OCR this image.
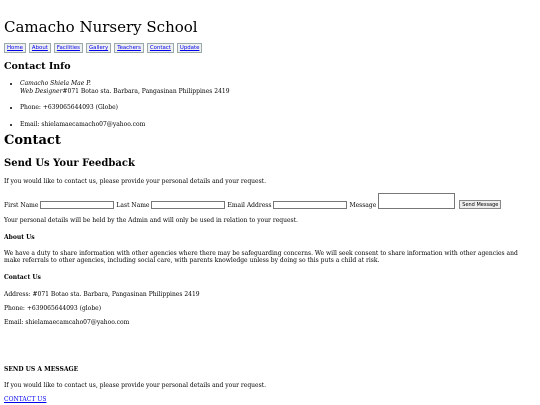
Camacho Nursery School
Home	About	Facilities	Gallery	Teachers	Contact	Update
Contact Info
• Camacho Shiela Mae P.
Web Designer#071 Botao sta. Barbara, Pangasinan Philippines 2419
• Phone: +639065644093 (Globe)
• Email: shielamaecamacho07@yahoo.com
Contact
Send Us Your Feedback

If you would like to contact us, please provide your personal details and your request.

First Name	Last Name	Email Address	Message	Send Message

Your personal details will be held by the Admin and will only be used in relation to your request.

About Us

We have a duty to share information with other agencies where there may be safeguarding concerns. We will seek consent to share information with other agencies and make referrals to other agencies, including social care, with parents knowledge unless by doing so this puts a child at risk.

Contact Us

Address: #071 Botao sta. Barbara, Pangasinan Philippines 2419

Phone: +639065644093 (globe)

Email: shielamaecamcaho07@yahoo.com

SEND US A MESSAGE

If you would like to contact us, please provide your personal details and your request.

CONTACT US
